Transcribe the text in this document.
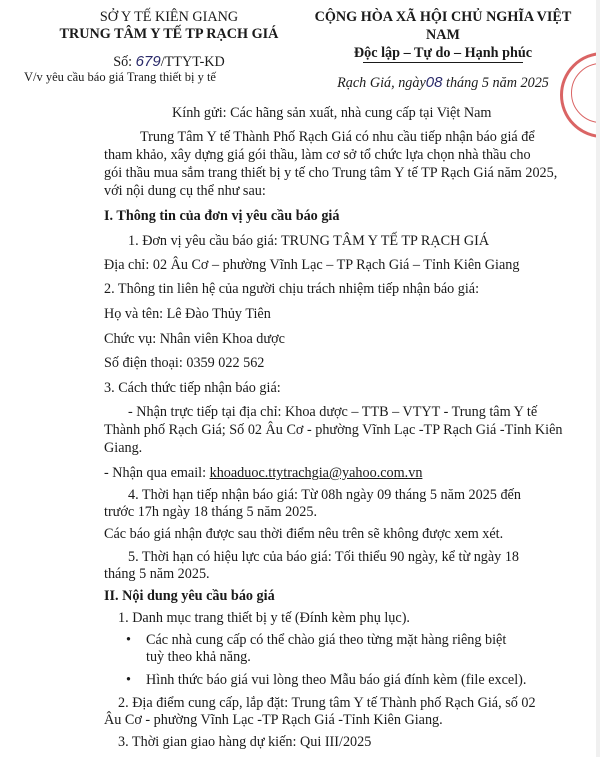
SỞ Y TẾ KIÊN GIANG
TRUNG TÂM Y TẾ TP RẠCH GIÁ
Số: 679/TTYT-KD
V/v yêu cầu báo giá Trang thiết bị y tế
CỘNG HÒA XÃ HỘI CHỦ NGHĨA VIỆT NAM
Độc lập – Tự do – Hạnh phúc
Rạch Giá, ngày08 tháng 5 năm 2025
Kính gửi: Các hãng sản xuất, nhà cung cấp tại Việt Nam
Trung Tâm Y tế Thành Phố Rạch Giá có nhu cầu tiếp nhận báo giá để
tham khảo, xây dựng giá gói thầu, làm cơ sở tổ chức lựa chọn nhà thầu cho
gói thầu mua sắm trang thiết bị y tế cho Trung tâm Y tế TP Rạch Giá năm 2025,
với nội dung cụ thể như sau:
I. Thông tin của đơn vị yêu cầu báo giá
1. Đơn vị yêu cầu báo giá: TRUNG TÂM Y TẾ TP RẠCH GIÁ
Địa chỉ: 02 Âu Cơ – phường Vĩnh Lạc – TP Rạch Giá – Tỉnh Kiên Giang
2. Thông tin liên hệ của người chịu trách nhiệm tiếp nhận báo giá:
Họ và tên: Lê Đào Thủy Tiên
Chức vụ: Nhân viên Khoa dược
Số điện thoại: 0359 022 562
3. Cách thức tiếp nhận báo giá:
- Nhận trực tiếp tại địa chỉ: Khoa dược – TTB – VTYT - Trung tâm Y tế
Thành phố Rạch Giá; Số 02 Âu Cơ - phường Vĩnh Lạc -TP Rạch Giá -Tỉnh Kiên
Giang.
- Nhận qua email: khoaduoc.ttytrachgia@yahoo.com.vn
4. Thời hạn tiếp nhận báo giá: Từ 08h ngày 09 tháng 5 năm 2025 đến
trước 17h ngày 18 tháng 5 năm 2025.
Các báo giá nhận được sau thời điểm nêu trên sẽ không được xem xét.
5. Thời hạn có hiệu lực của báo giá: Tối thiểu 90 ngày, kể từ ngày 18
tháng 5 năm 2025.
II. Nội dung yêu cầu báo giá
1. Danh mục trang thiết bị y tế (Đính kèm phụ lục).
• Các nhà cung cấp có thể chào giá theo từng mặt hàng riêng biệt
tuỳ theo khả năng.
• Hình thức báo giá vui lòng theo Mẫu báo giá đính kèm (file excel).
2. Địa điểm cung cấp, lắp đặt: Trung tâm Y tế Thành phố Rạch Giá, số 02
Âu Cơ - phường Vĩnh Lạc -TP Rạch Giá -Tỉnh Kiên Giang.
3. Thời gian giao hàng dự kiến: Qui III/2025
